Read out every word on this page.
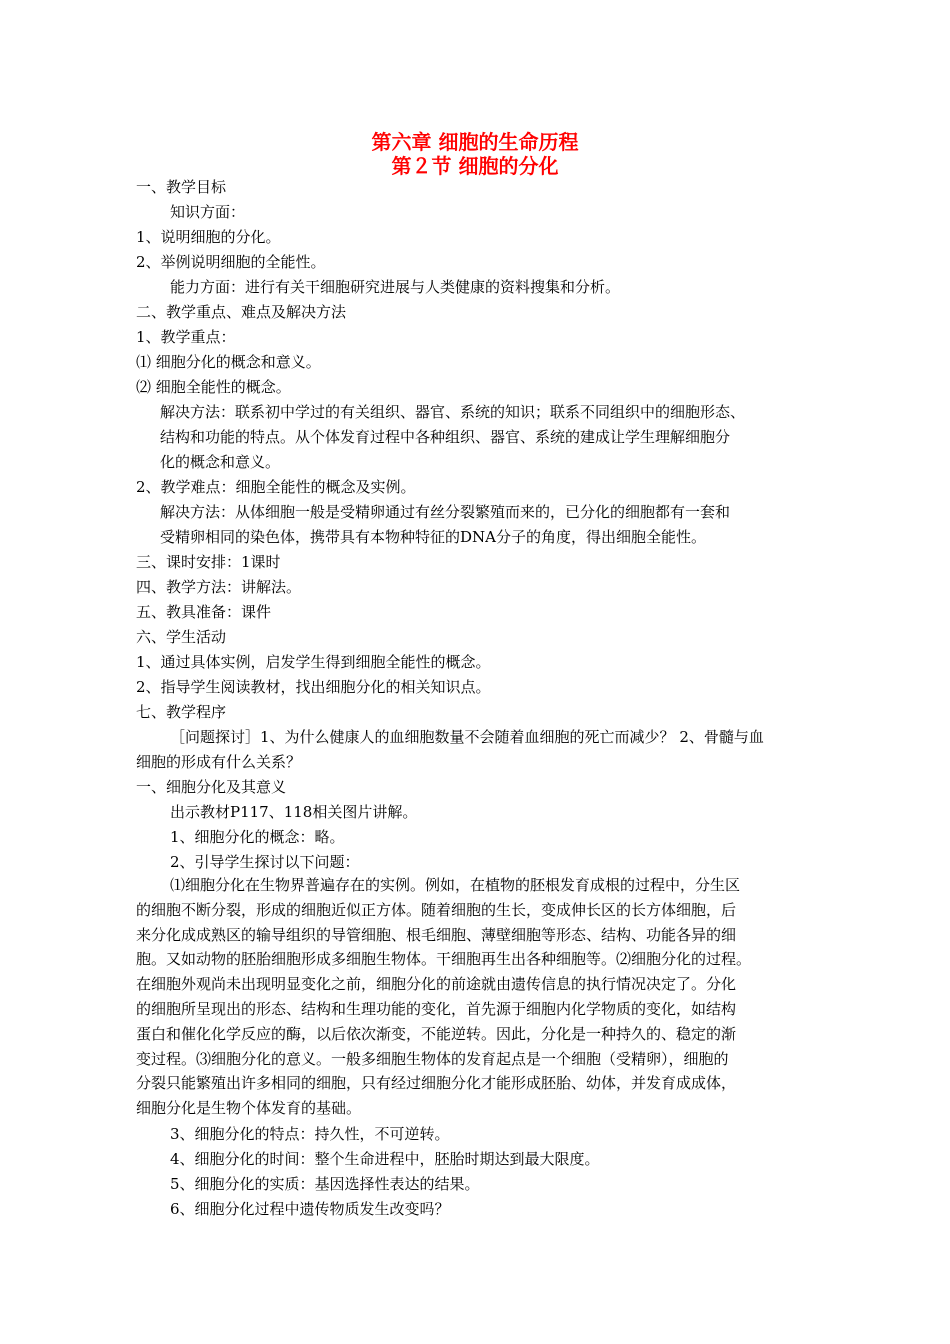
第六章 细胞的生命历程
第２节 细胞的分化
一、教学目标
知识方面：
1、说明细胞的分化。
2、举例说明细胞的全能性。
能力方面：进行有关干细胞研究进展与人类健康的资料搜集和分析。
二、教学重点、难点及解决方法
1、教学重点：
⑴ 细胞分化的概念和意义。
⑵ 细胞全能性的概念。
解决方法：联系初中学过的有关组织、器官、系统的知识；联系不同组织中的细胞形态、
结构和功能的特点。从个体发育过程中各种组织、器官、系统的建成让学生理解细胞分
化的概念和意义。
2、教学难点：细胞全能性的概念及实例。
解决方法：从体细胞一般是受精卵通过有丝分裂繁殖而来的，已分化的细胞都有一套和
受精卵相同的染色体，携带具有本物种特征的DNA分子的角度，得出细胞全能性。
三、课时安排：1课时
四、教学方法：讲解法。
五、教具准备：课件
六、学生活动
1、通过具体实例，启发学生得到细胞全能性的概念。
2、指导学生阅读教材，找出细胞分化的相关知识点。
七、教学程序
［问题探讨］1、为什么健康人的血细胞数量不会随着血细胞的死亡而减少？ 2、骨髓与血
细胞的形成有什么关系？
一、细胞分化及其意义
出示教材P117、118相关图片讲解。
1、细胞分化的概念：略。
2、引导学生探讨以下问题：
⑴细胞分化在生物界普遍存在的实例。例如，在植物的胚根发育成根的过程中，分生区
的细胞不断分裂，形成的细胞近似正方体。随着细胞的生长，变成伸长区的长方体细胞，后
来分化成成熟区的输导组织的导管细胞、根毛细胞、薄壁细胞等形态、结构、功能各异的细
胞。又如动物的胚胎细胞形成多细胞生物体。干细胞再生出各种细胞等。⑵细胞分化的过程。
在细胞外观尚未出现明显变化之前，细胞分化的前途就由遗传信息的执行情况决定了。分化
的细胞所呈现出的形态、结构和生理功能的变化，首先源于细胞内化学物质的变化，如结构
蛋白和催化化学反应的酶，以后依次渐变，不能逆转。因此，分化是一种持久的、稳定的渐
变过程。⑶细胞分化的意义。一般多细胞生物体的发育起点是一个细胞（受精卵），细胞的
分裂只能繁殖出许多相同的细胞，只有经过细胞分化才能形成胚胎、幼体，并发育成成体，
细胞分化是生物个体发育的基础。
3、细胞分化的特点：持久性，不可逆转。
4、细胞分化的时间：整个生命进程中，胚胎时期达到最大限度。
5、细胞分化的实质：基因选择性表达的结果。
6、细胞分化过程中遗传物质发生改变吗？
